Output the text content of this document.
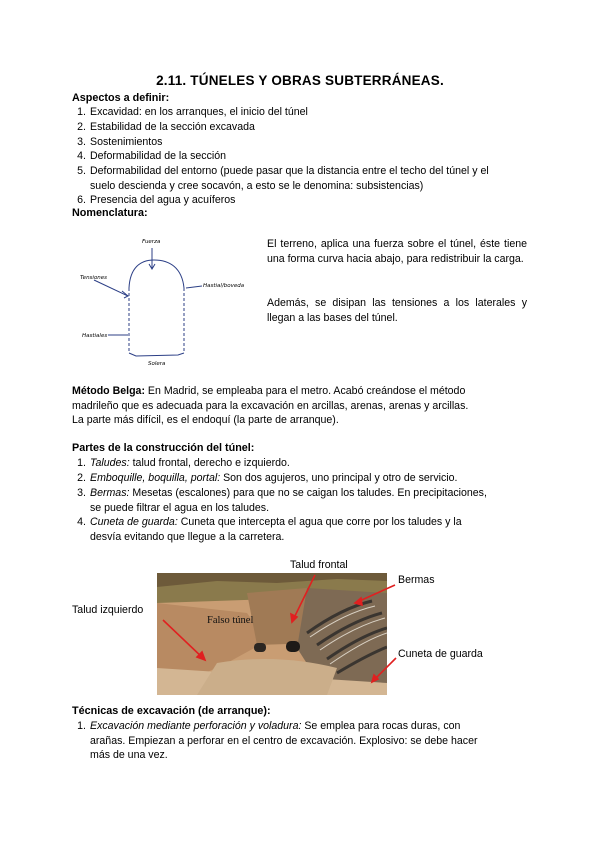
2.11. TÚNELES Y OBRAS SUBTERRÁNEAS.
Aspectos a definir:
1. Excavidad: en los arranques, el inicio del túnel
2. Estabilidad de la sección excavada
3. Sostenimientos
4. Deformabilidad de la sección
5. Deformabilidad del entorno (puede pasar que la distancia entre el techo del túnel y el
suelo descienda y cree socavón, a esto se le denomina: subsistencias)
6. Presencia del agua y acuíferos
Nomenclatura:
Fuerza
Tensiones
Hastial/boveda
Hastiales
Solera
El terreno, aplica una fuerza sobre el túnel, éste tiene una forma curva hacia abajo, para redistribuir la carga.
Además, se disipan las tensiones a los laterales y llegan a las bases del túnel.
Método Belga: En Madrid, se empleaba para el metro. Acabó creándose el método
madrileño que es adecuada para la excavación en arcillas, arenas, arenas y arcillas.
La parte más difícil, es el endoquí (la parte de arranque).
Partes de la construcción del túnel:
1. Taludes: talud frontal, derecho e izquierdo.
2. Emboquille, boquilla, portal: Son dos agujeros, uno principal y otro de servicio.
3. Bermas: Mesetas (escalones) para que no se caigan los taludes. En precipitaciones,
se puede filtrar el agua en los taludes.
4. Cuneta de guarda: Cuneta que intercepta el agua que corre por los taludes y la
desvía evitando que llegue a la carretera.
Talud frontal
Bermas
Talud izquierdo
Cuneta de guarda
Falso túnel
Técnicas de excavación (de arranque):
1. Excavación mediante perforación y voladura: Se emplea para rocas duras, con
arañas. Empiezan a perforar en el centro de excavación. Explosivo: se debe hacer
más de una vez.
